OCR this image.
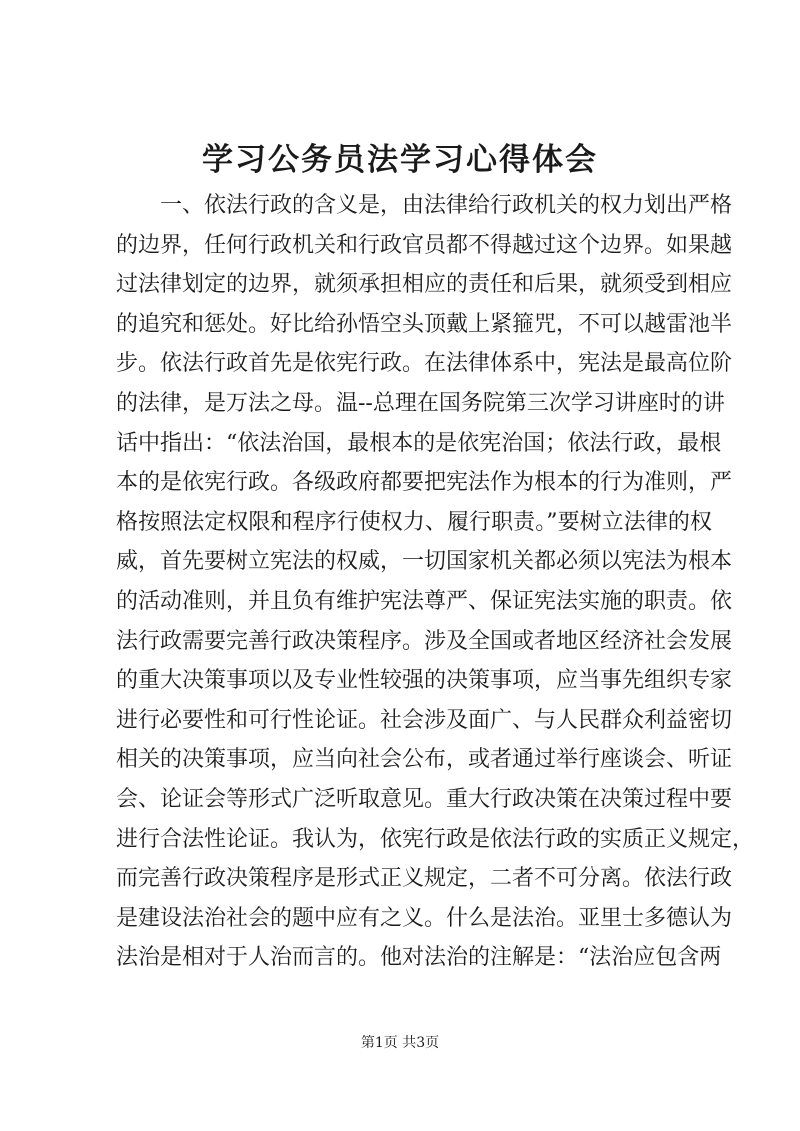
学习公务员法学习心得体会
一、依法行政的含义是，由法律给行政机关的权力划出严格
的边界，任何行政机关和行政官员都不得越过这个边界。如果越
过法律划定的边界，就须承担相应的责任和后果，就须受到相应
的追究和惩处。好比给孙悟空头顶戴上紧箍咒，不可以越雷池半
步。依法行政首先是依宪行政。在法律体系中，宪法是最高位阶
的法律，是万法之母。温--总理在国务院第三次学习讲座时的讲
话中指出：“依法治国，最根本的是依宪治国；依法行政，最根
本的是依宪行政。各级政府都要把宪法作为根本的行为准则，严
格按照法定权限和程序行使权力、履行职责。”要树立法律的权
威，首先要树立宪法的权威，一切国家机关都必须以宪法为根本
的活动准则，并且负有维护宪法尊严、保证宪法实施的职责。依
法行政需要完善行政决策程序。涉及全国或者地区经济社会发展
的重大决策事项以及专业性较强的决策事项，应当事先组织专家
进行必要性和可行性论证。社会涉及面广、与人民群众利益密切
相关的决策事项，应当向社会公布，或者通过举行座谈会、听证
会、论证会等形式广泛听取意见。重大行政决策在决策过程中要
进行合法性论证。我认为，依宪行政是依法行政的实质正义规定，
而完善行政决策程序是形式正义规定，二者不可分离。依法行政
是建设法治社会的题中应有之义。什么是法治。亚里士多德认为
法治是相对于人治而言的。他对法治的注解是：“法治应包含两
第1页 共3页
